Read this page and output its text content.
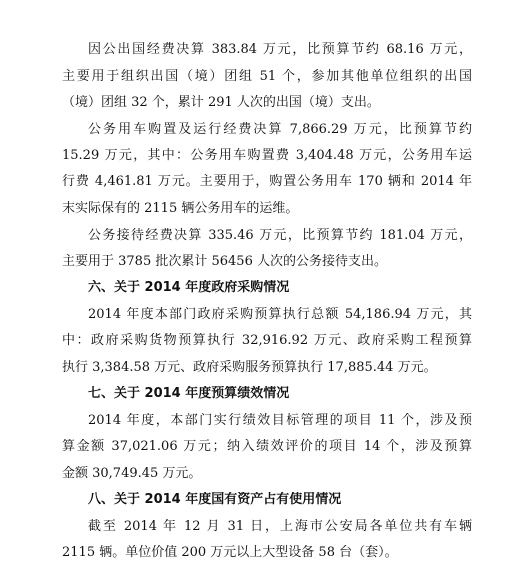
因公出国经费决算 383.84 万元，比预算节约 68.16 万元，
主要用于组织出国（境）团组 51 个，参加其他单位组织的出国
（境）团组 32 个，累计 291 人次的出国（境）支出。
公务用车购置及运行经费决算 7,866.29 万元，比预算节约
15.29 万元，其中：公务用车购置费 3,404.48 万元，公务用车运
行费 4,461.81 万元。主要用于，购置公务用车 170 辆和 2014 年
末实际保有的 2115 辆公务用车的运维。
公务接待经费决算 335.46 万元，比预算节约 181.04 万元，
主要用于 3785 批次累计 56456 人次的公务接待支出。
六、关于 2014 年度政府采购情况
2014 年度本部门政府采购预算执行总额 54,186.94 万元，其
中：政府采购货物预算执行 32,916.92 万元、政府采购工程预算
执行 3,384.58 万元、政府采购服务预算执行 17,885.44 万元。
七、关于 2014 年度预算绩效情况
2014 年度，本部门实行绩效目标管理的项目 11 个，涉及预
算金额 37,021.06 万元；纳入绩效评价的项目 14 个，涉及预算
金额 30,749.45 万元。
八、关于 2014 年度国有资产占有使用情况
截至 2014 年 12 月 31 日，上海市公安局各单位共有车辆
2115 辆。单位价值 200 万元以上大型设备 58 台（套）。
